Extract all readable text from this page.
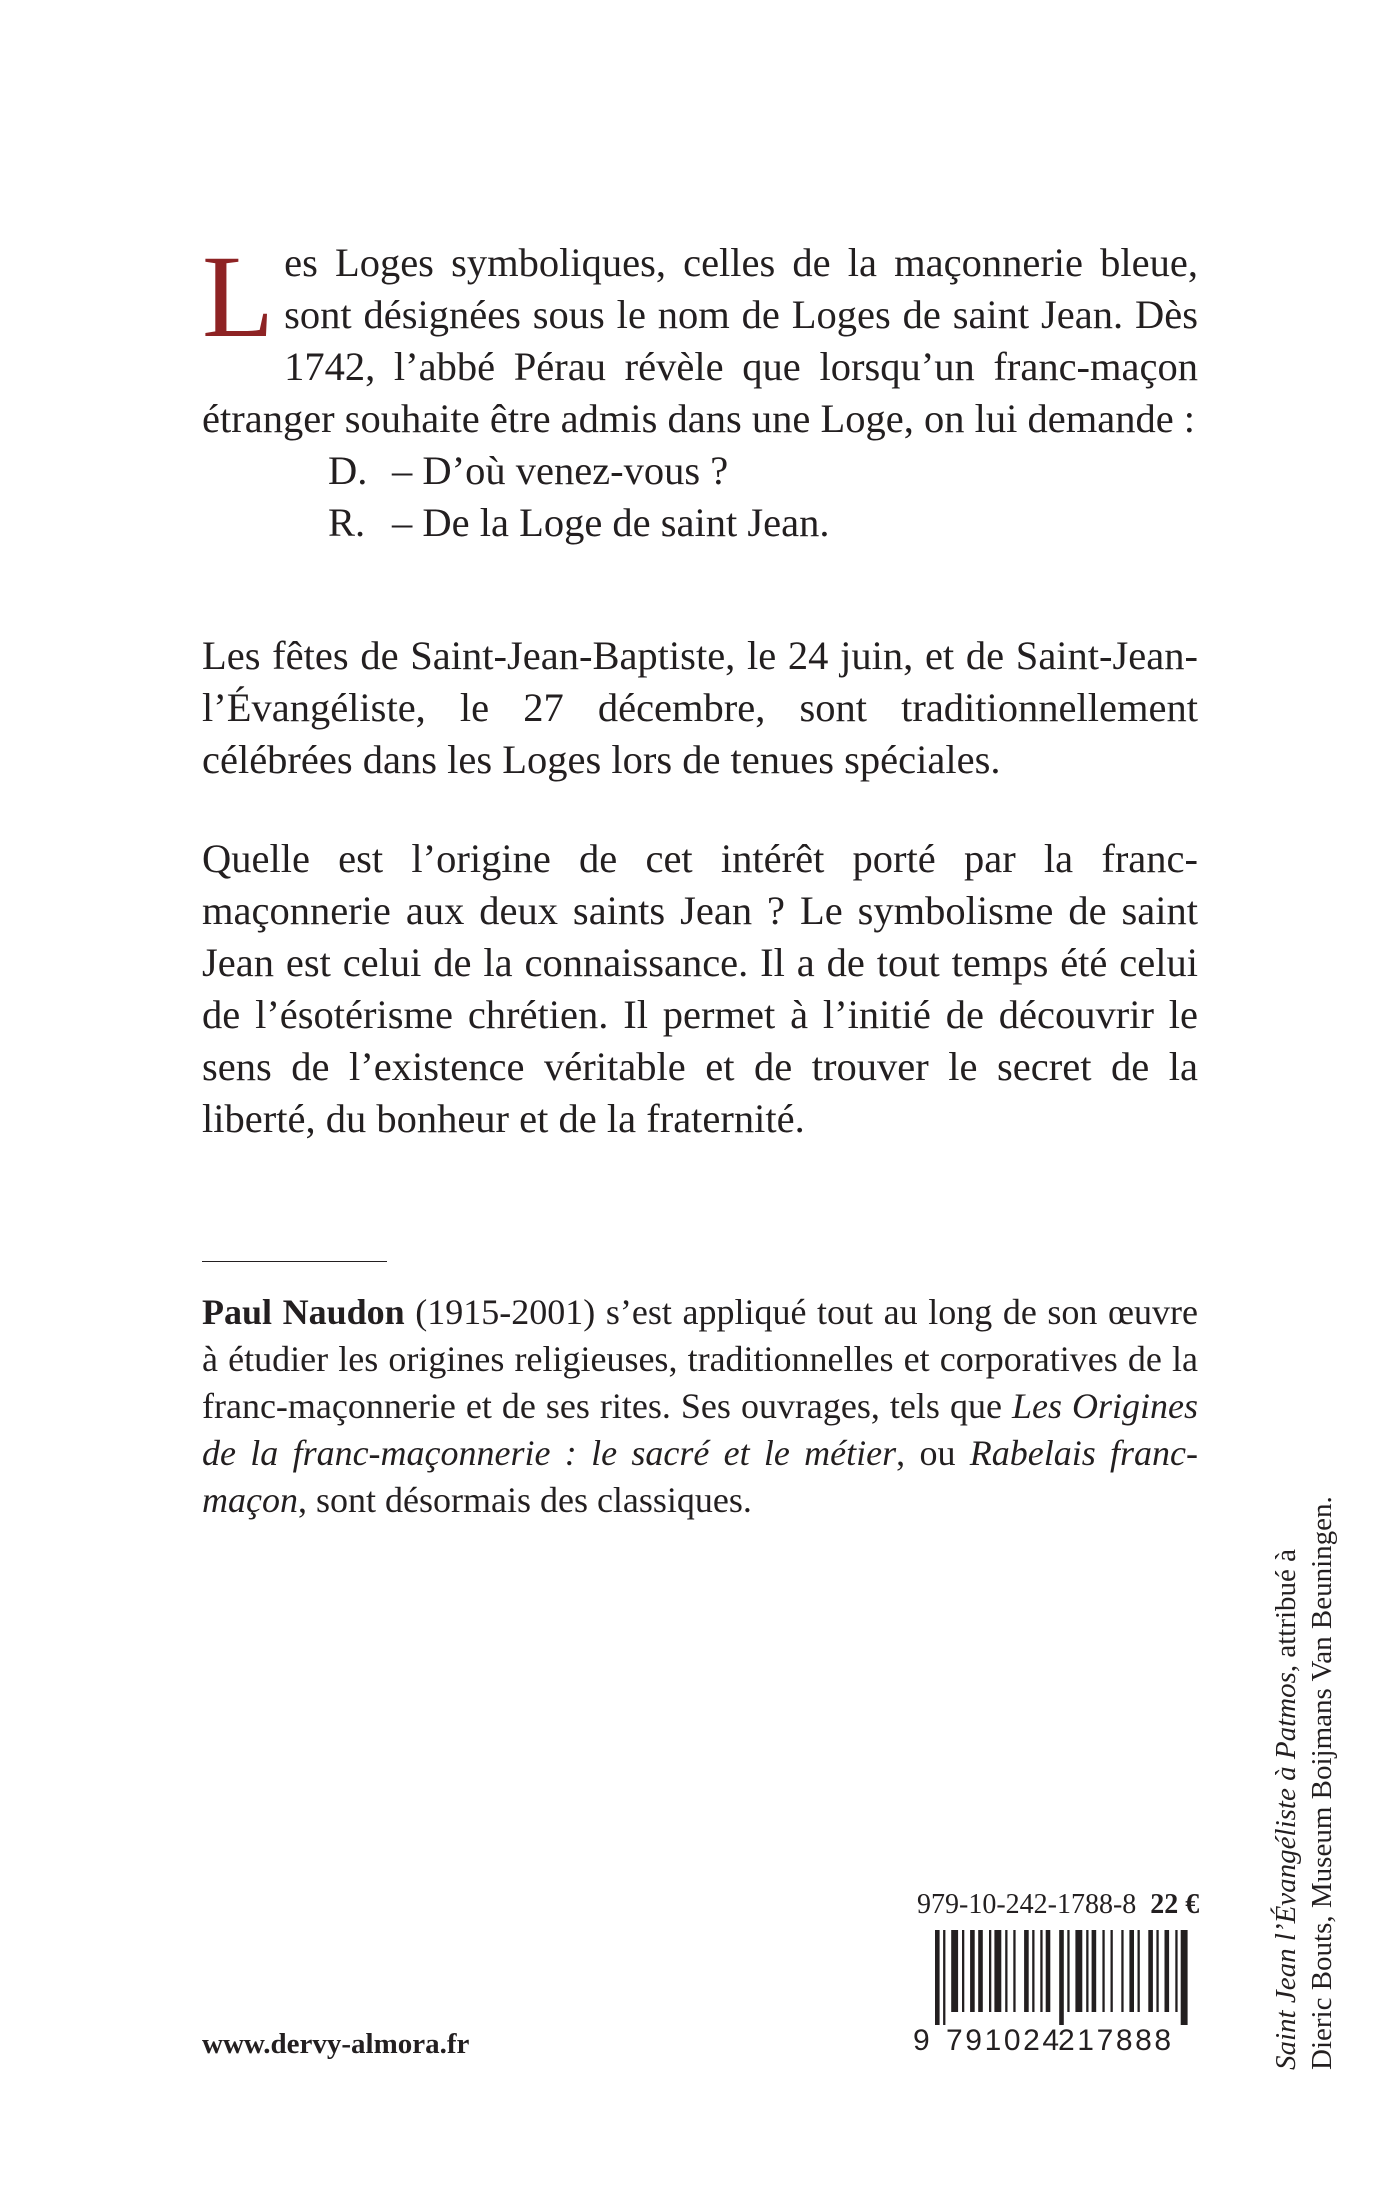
Les Loges symboliques, celles de la maçonnerie bleue, sont désignées sous le nom de Loges de saint Jean. Dès 1742, l’abbé Pérau révèle que lorsqu’un franc-maçon étranger souhaite être admis dans une Loge, on lui demande :

D. – D’où venez-vous ?

R. – De la Loge de saint Jean.

Les fêtes de Saint-Jean-Baptiste, le 24 juin, et de Saint-Jean-l’Évangéliste, le 27 décembre, sont traditionnellement célébrées dans les Loges lors de tenues spéciales.

Quelle est l’origine de cet intérêt porté par la franc-maçonnerie aux deux saints Jean ? Le symbolisme de saint Jean est celui de la connaissance. Il a de tout temps été celui de l’ésotérisme chrétien. Il permet à l’initié de découvrir le sens de l’existence véritable et de trouver le secret de la liberté, du bonheur et de la fraternité.

Paul Naudon (1915-2001) s’est appliqué tout au long de son œuvre à étudier les origines religieuses, traditionnelles et corporatives de la franc-maçonnerie et de ses rites. Ses ouvrages, tels que Les Origines de la franc-maçonnerie : le sacré et le métier, ou Rabelais franc-maçon, sont désormais des classiques.

www.dervy-almora.fr

979-10-242-1788-8 22 €
9 791024
217888	Saint Jean l’Évangéliste à Patmos, attribué à Dieric Bouts, Museum Boijmans Van Beuningen.
